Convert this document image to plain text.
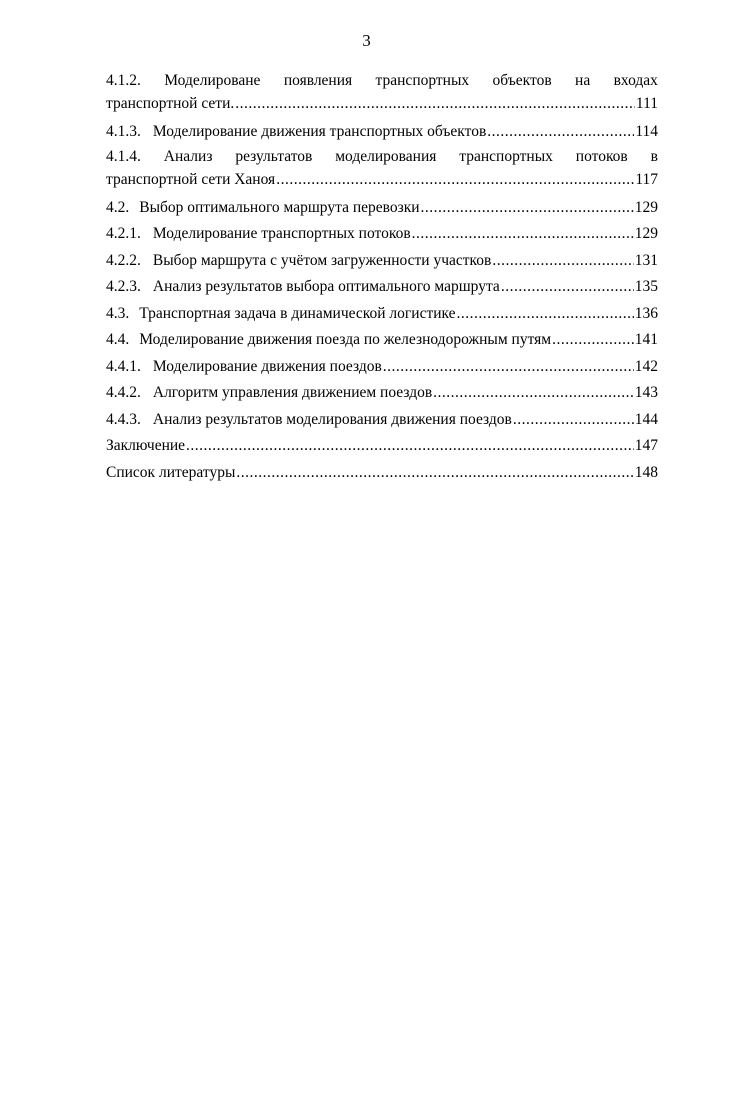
3
4.1.2. Моделироване появления транспортных объектов на входах
транспортной сети. .....	111
4.1.3. Моделирование движения транспортных объектов .....	114
4.1.4. Анализ результатов моделирования транспортных потоков в
транспортной сети Ханоя .....	117
4.2. Выбор оптимального маршрута перевозки .....	129
4.2.1. Моделирование транспортных потоков .....	129
4.2.2. Выбор маршрута с учётом загруженности участков .....	131
4.2.3. Анализ результатов выбора оптимального маршрута .....	135
4.3. Транспортная задача в динамической логистике .....	136
4.4. Моделирование движения поезда по железнодорожным путям .....	141
4.4.1. Моделирование движения поездов .....	142
4.4.2. Алгоритм управления движением поездов .....	143
4.4.3. Анализ результатов моделирования движения поездов .....	144
Заключение .....	147
Список литературы .....	148
